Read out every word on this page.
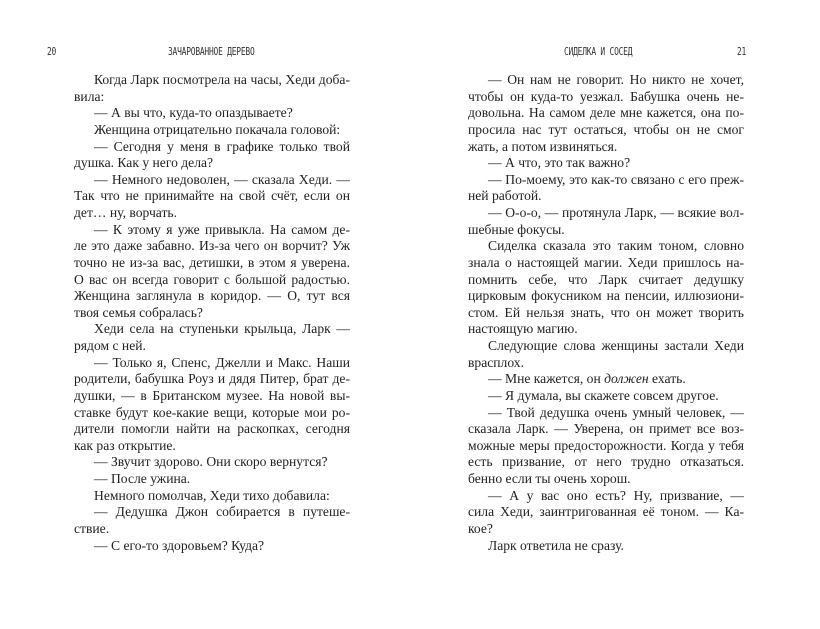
20	ЗАЧАРОВАННОЕ ДЕРЕВО
Когда Ларк посмотрела на часы, Хеди доба-
вила:
— А вы что, куда-то опаздываете?
Женщина отрицательно покачала головой:
— Сегодня у меня в графике только твой
душка. Как у него дела?
— Немного недоволен, — сказала Хеди. —
Так что не принимайте на свой счёт, если он
дет… ну, ворчать.
— К этому я уже привыкла. На самом де-
ле это даже забавно. Из-за чего он ворчит? Уж
точно не из-за вас, детишки, в этом я уверена.
О вас он всегда говорит с большой радостью.
Женщина заглянула в коридор. — О, тут вся
твоя семья собралась?
Хеди села на ступеньки крыльца, Ларк —
рядом с ней.
— Только я, Спенс, Джелли и Макс. Наши
родители, бабушка Роуз и дядя Питер, брат де-
душки, — в Британском музее. На новой вы-
ставке будут кое-какие вещи, которые мои ро-
дители помогли найти на раскопках, сегодня
как раз открытие.
— Звучит здорово. Они скоро вернутся?
— После ужина.
Немного помолчав, Хеди тихо добавила:
— Дедушка Джон собирается в путеше-
ствие.
— С его-то здоровьем? Куда?
СИДЕЛКА И СОСЕД	21
— Он нам не говорит. Но никто не хочет,
чтобы он куда-то уезжал. Бабушка очень не-
довольна. На самом деле мне кажется, она по-
просила нас тут остаться, чтобы он не смог
жать, а потом извиняться.
— А что, это так важно?
— По-моему, это как-то связано с его преж-
ней работой.
— О-о-о, — протянула Ларк, — всякие вол-
шебные фокусы.
Сиделка сказала это таким тоном, словно
знала о настоящей магии. Хеди пришлось на-
помнить себе, что Ларк считает дедушку
цирковым фокусником на пенсии, иллюзиони-
стом. Ей нельзя знать, что он может творить
настоящую магию.
Следующие слова женщины застали Хеди
врасплох.
— Мне кажется, он должен ехать.
— Я думала, вы скажете совсем другое.
— Твой дедушка очень умный человек, —
сказала Ларк. — Уверена, он примет все воз-
можные меры предосторожности. Когда у тебя
есть призвание, от него трудно отказаться.
бенно если ты очень хорош.
— А у вас оно есть? Ну, призвание, —
сила Хеди, заинтригованная её тоном. — Ка-
кое?
Ларк ответила не сразу.
